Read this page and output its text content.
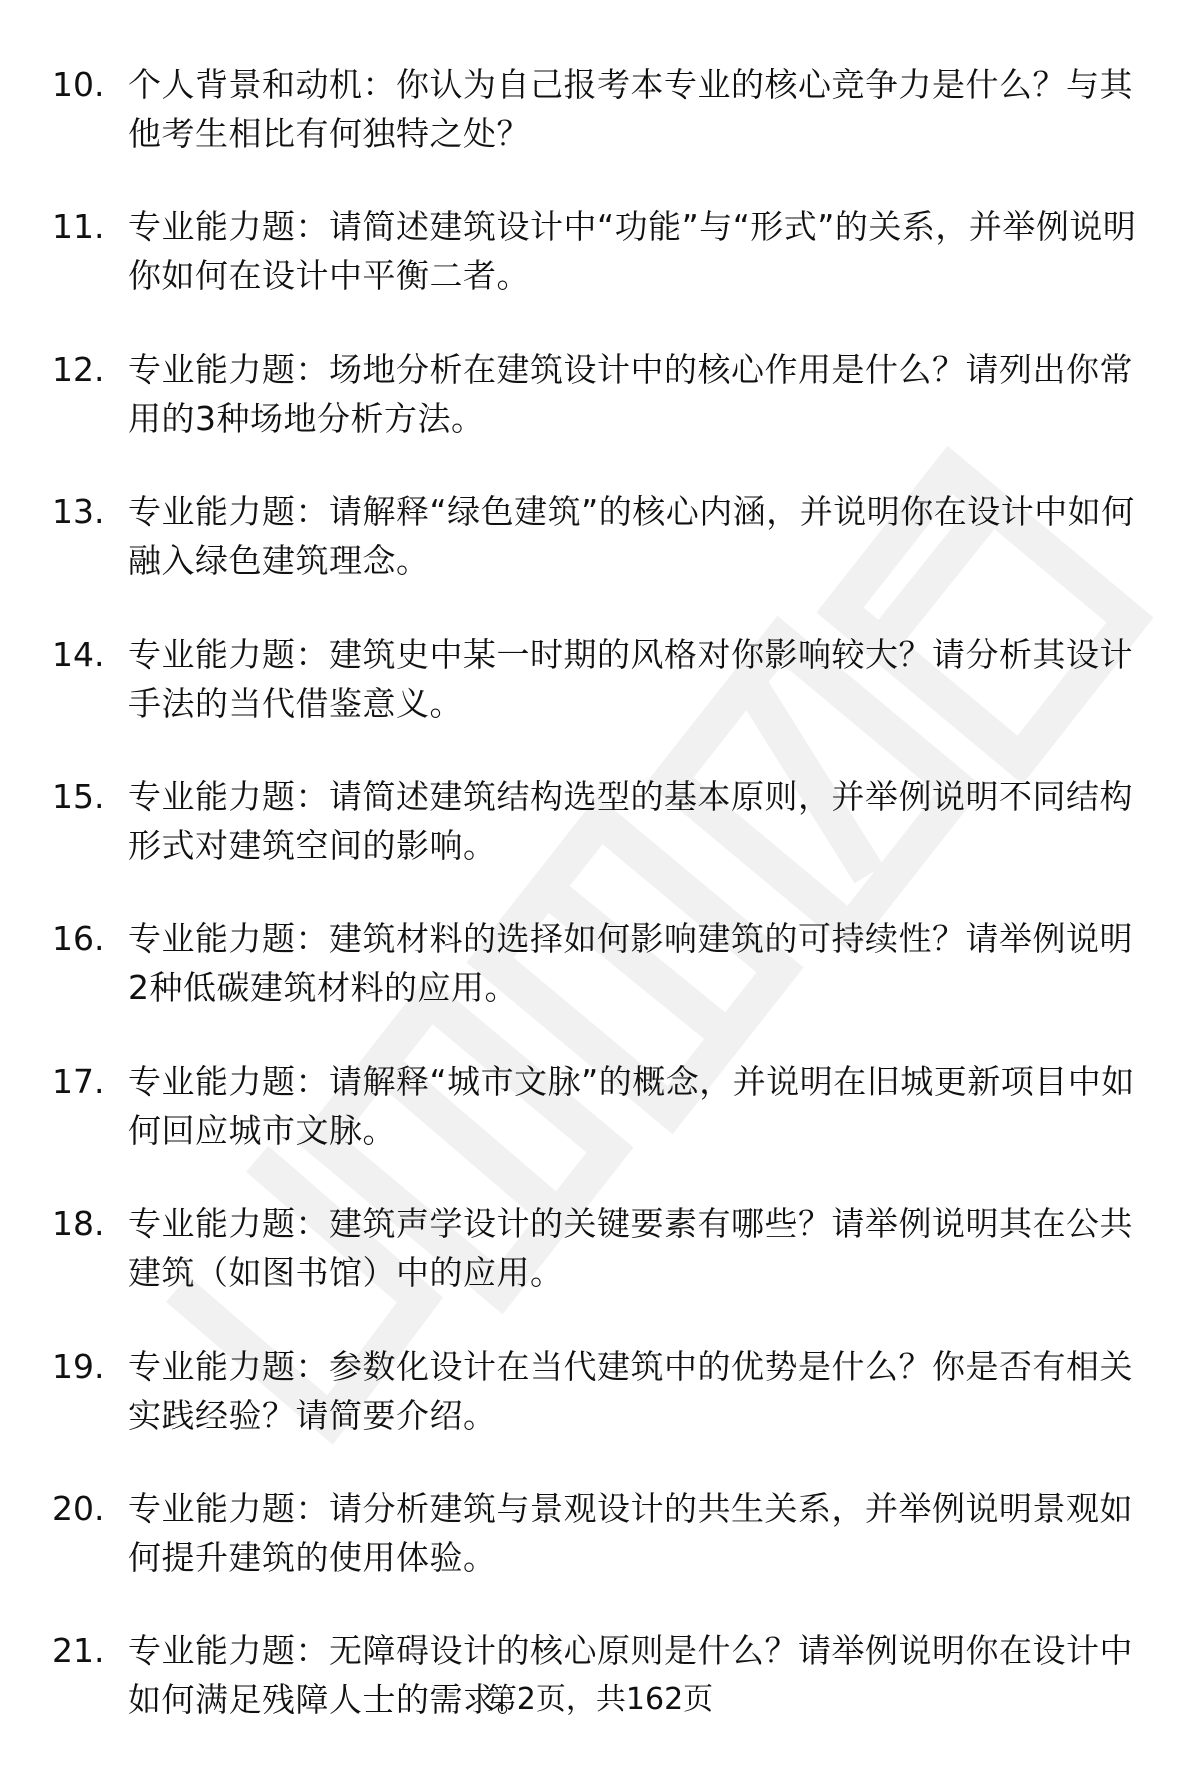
10. 个人背景和动机：你认为自己报考本专业的核心竞争力是什么？与其他考生相比有何独特之处？
11. 专业能力题：请简述建筑设计中“功能”与“形式”的关系，并举例说明你如何在设计中平衡二者。
12. 专业能力题：场地分析在建筑设计中的核心作用是什么？请列出你常用的3种场地分析方法。
13. 专业能力题：请解释“绿色建筑”的核心内涵，并说明你在设计中如何融入绿色建筑理念。
14. 专业能力题：建筑史中某一时期的风格对你影响较大？请分析其设计手法的当代借鉴意义。
15. 专业能力题：请简述建筑结构选型的基本原则，并举例说明不同结构形式对建筑空间的影响。
16. 专业能力题：建筑材料的选择如何影响建筑的可持续性？请举例说明2种低碳建筑材料的应用。
17. 专业能力题：请解释“城市文脉”的概念，并说明在旧城更新项目中如何回应城市文脉。
18. 专业能力题：建筑声学设计的关键要素有哪些？请举例说明其在公共建筑（如图书馆）中的应用。
19. 专业能力题：参数化设计在当代建筑中的优势是什么？你是否有相关实践经验？请简要介绍。
20. 专业能力题：请分析建筑与景观设计的共生关系，并举例说明景观如何提升建筑的使用体验。
21. 专业能力题：无障碍设计的核心原则是什么？请举例说明你在设计中如何满足残障人士的需求。
第2页，共162页
